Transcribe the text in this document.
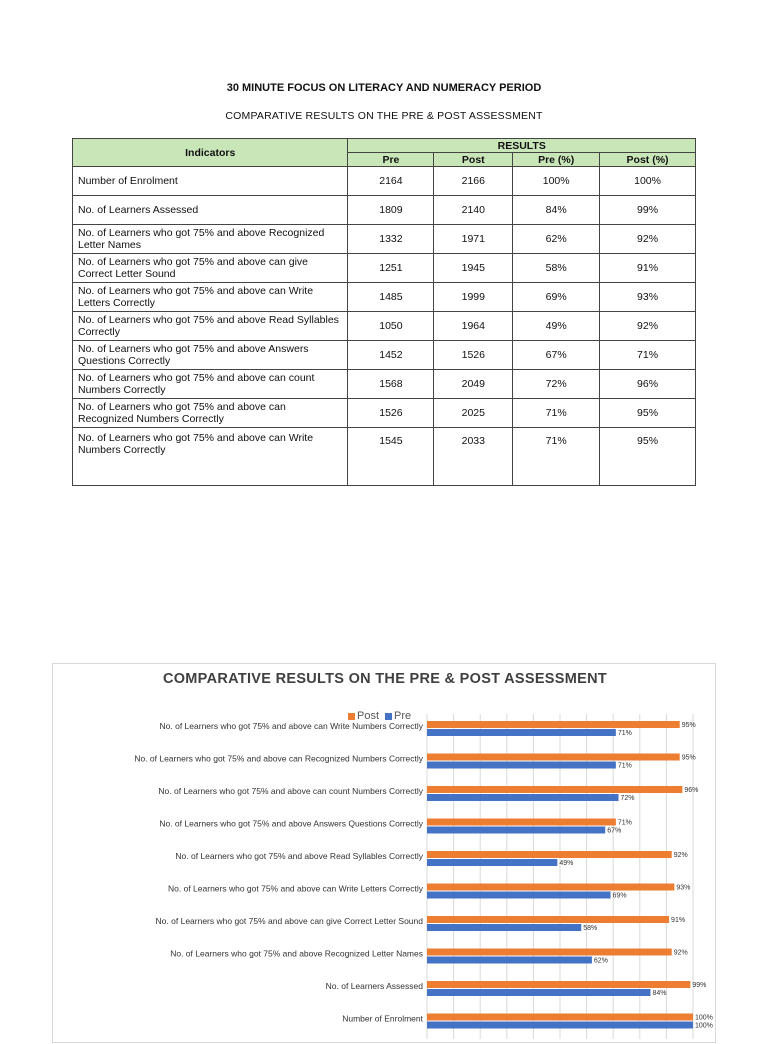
30 MINUTE FOCUS ON LITERACY AND NUMERACY PERIOD
COMPARATIVE RESULTS ON THE PRE & POST ASSESSMENT
Indicators	RESULTS			
	Pre	Post	Pre (%)	Post (%)
Number of Enrolment	2164	2166	100%	100%
No. of Learners Assessed	1809	2140	84%	99%
No. of Learners who got 75% and above Recognized Letter Names	1332	1971	62%	92%
No. of Learners who got 75% and above can give Correct Letter Sound	1251	1945	58%	91%
No. of Learners who got 75% and above can Write Letters Correctly	1485	1999	69%	93%
No. of Learners who got 75% and above Read Syllables Correctly	1050	1964	49%	92%
No. of Learners who got 75% and above Answers Questions Correctly	1452	1526	67%	71%
No. of Learners who got 75% and above can count Numbers Correctly	1568	2049	72%	96%
No. of Learners who got 75% and above can Recognized Numbers Correctly	1526	2025	71%	95%
No. of Learners who got 75% and above can Write Numbers Correctly	1545	2033	71%	95%
COMPARATIVE RESULTS ON THE PRE & POST ASSESSMENT
Post Pre
No. of Learners who got 75% and above can Write Numbers Correctly	95%
71%
No. of Learners who got 75% and above can Recognized Numbers Correctly	95%
71%
No. of Learners who got 75% and above can count Numbers Correctly	96%
72%
No. of Learners who got 75% and above Answers Questions Correctly	71%
67%
No. of Learners who got 75% and above Read Syllables Correctly	92%
49%
No. of Learners who got 75% and above can Write Letters Correctly	93%
69%
No. of Learners who got 75% and above can give Correct Letter Sound	91%
58%
No. of Learners who got 75% and above Recognized Letter Names	92%
62%
No. of Learners Assessed	99%
84%
Number of Enrolment	100%
100%
